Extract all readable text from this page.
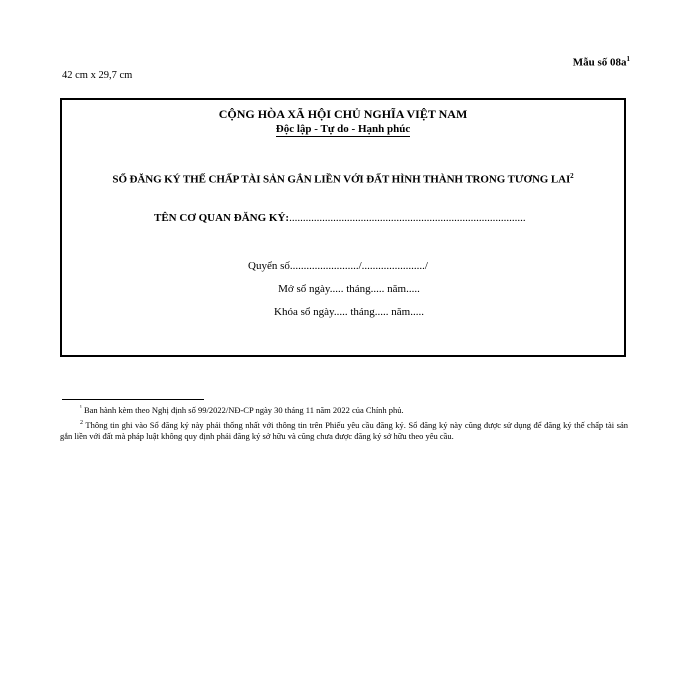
Mẫu số $08a^1$
42 cm x 29,7 cm
CỘNG HÒA XÃ HỘI CHỦ NGHĨA VIỆT NAM
Độc lập - Tự do - Hạnh phúc
SỔ ĐĂNG KÝ THẾ CHẤP TÀI SẢN GẮN LIỀN VỚI ĐẤT HÌNH THÀNH TRONG TƯƠNG LAI$^2$
TÊN CƠ QUAN ĐĂNG KÝ:......................................................................................
Quyển số........................./......................./
Mở sổ ngày..... tháng..... năm.....
Khóa sổ ngày..... tháng..... năm.....
$^{^1}$ Ban hành kèm theo Nghị định số 99/2022/NĐ-CP ngày 30 tháng 11 năm 2022 của Chính phủ.
$^2$ Thông tin ghi vào Sổ đăng ký này phải thống nhất với thông tin trên Phiếu yêu cầu đăng ký. Sổ đăng ký này cũng được sử dụng để đăng ký thế chấp tài sản gắn liền với đất mà pháp luật không quy định phải đăng ký sở hữu và cũng chưa được đăng ký sở hữu theo yêu cầu.
